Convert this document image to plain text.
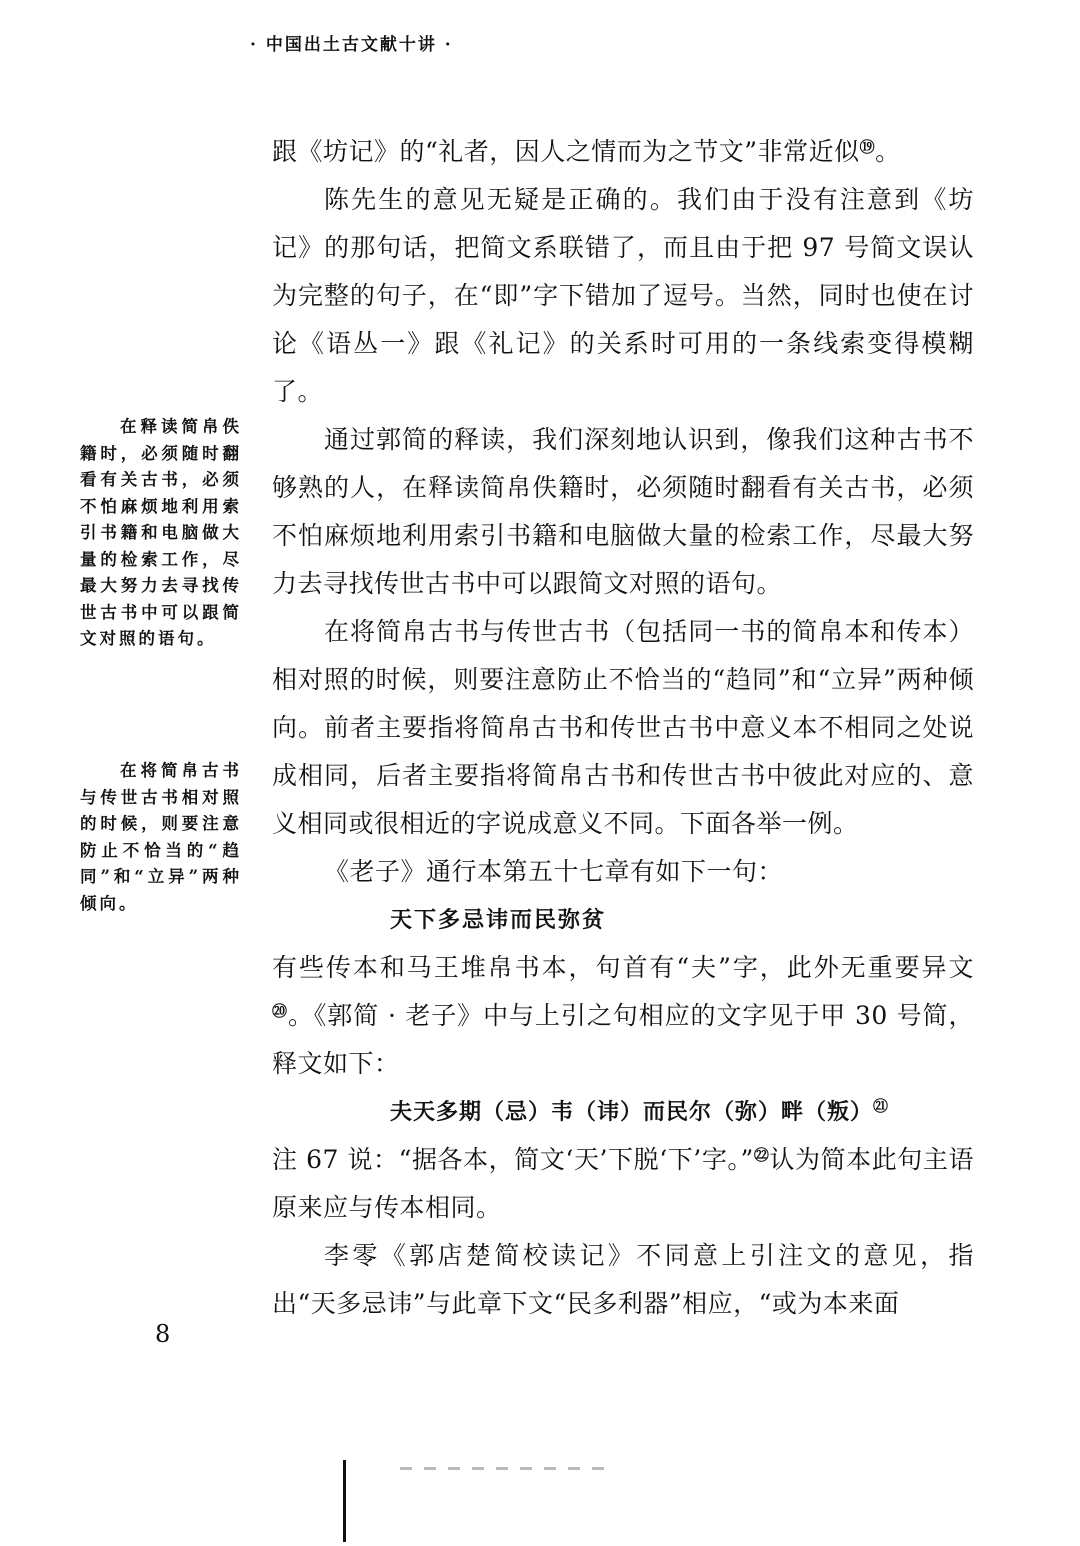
· 中国出土古文献十讲 ·

在释读简帛佚籍时，必须随时翻看有关古书，必须不怕麻烦地利用索引书籍和电脑做大量的检索工作，尽最大努力去寻找传世古书中可以跟简文对照的语句。

在将简帛古书与传世古书相对照的时候，则要注意防止不恰当的“趋同”和“立异”两种倾向。

跟《坊记》的“礼者，因人之情而为之节文”非常近似⑲。

陈先生的意见无疑是正确的。我们由于没有注意到《坊记》的那句话，把简文系联错了，而且由于把 97 号简文误认为完整的句子，在“即”字下错加了逗号。当然，同时也使在讨论《语丛一》跟《礼记》的关系时可用的一条线索变得模糊了。

通过郭简的释读，我们深刻地认识到，像我们这种古书不够熟的人，在释读简帛佚籍时，必须随时翻看有关古书，必须不怕麻烦地利用索引书籍和电脑做大量的检索工作，尽最大努力去寻找传世古书中可以跟简文对照的语句。

在将简帛古书与传世古书（包括同一书的简帛本和传本）相对照的时候，则要注意防止不恰当的“趋同”和“立异”两种倾向。前者主要指将简帛古书和传世古书中意义本不相同之处说成相同，后者主要指将简帛古书和传世古书中彼此对应的、意义相同或很相近的字说成意义不同。下面各举一例。

《老子》通行本第五十七章有如下一句：

天下多忌讳而民弥贫

有些传本和马王堆帛书本，句首有“夫”字，此外无重要异文⑳。《郭简 · 老子》中与上引之句相应的文字见于甲 30 号简，释文如下：

夫天多期（忌）韦（讳）而民尔（弥）畔（叛）$^㉑$

注 67 说：“据各本，简文‘天’下脱‘下’字。”$^㉒$认为简本此句主语原来应与传本相同。

李零《郭店楚简校读记》不同意上引注文的意见，指出“天多忌讳”与此章下文“民多利器”相应，“或为本来面

8
